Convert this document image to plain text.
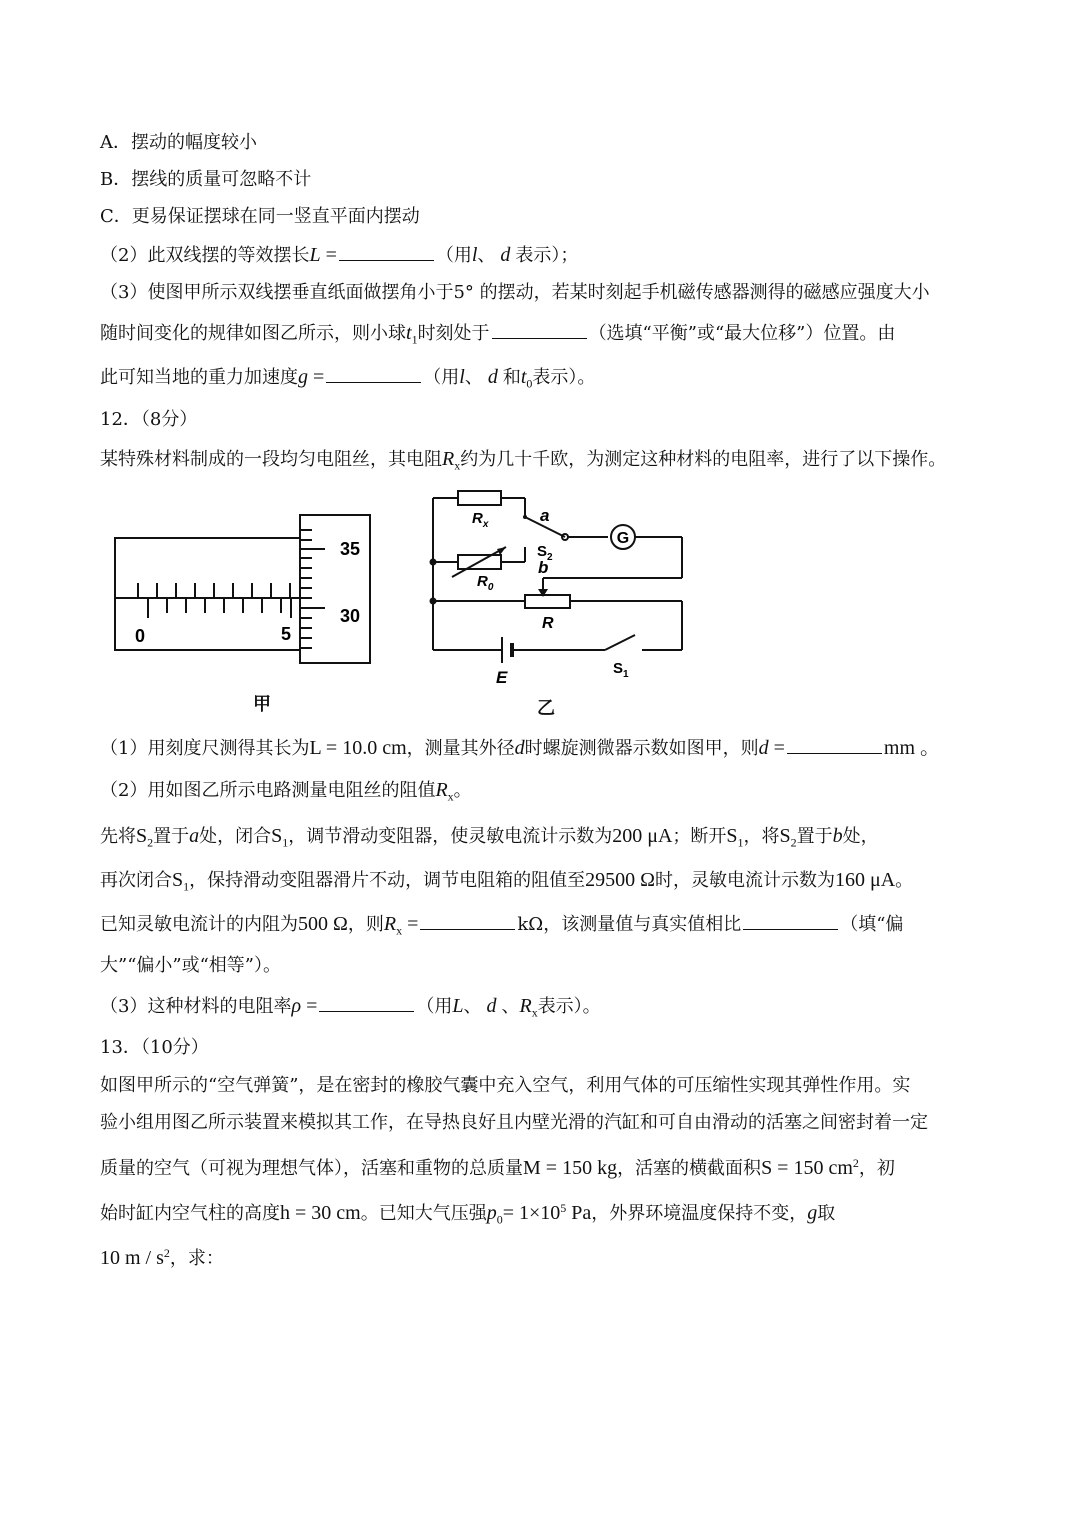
A．摆动的幅度较小
B．摆线的质量可忽略不计
C．更易保证摆球在同一竖直平面内摆动
（2）此双线摆的等效摆长L =	（用l、 d 表示）；
（3）使图甲所示双线摆垂直纸面做摆角小于5° 的摆动，若某时刻起手机磁传感器测得的磁感应强度大小
随时间变化的规律如图乙所示，则小球$t_1$时刻处于	（选填“平衡”或“最大位移”）位置。由
此可知当地的重力加速度g =	（用l、 d 和$t_0$表示）。
12．（8分）
某特殊材料制成的一段均匀电阻丝，其电阻$R_x$约为几十千欧，为测定这种材料的电阻率，进行了以下操作。
0	5
35
30
甲
$R_x$
$R_0$
R
a
b
$S_2$
$S_1$
G
E
乙
（1）用刻度尺测得其长为L = 10.0 cm，测量其外径d时螺旋测微器示数如图甲，则d =	mm 。
（2）用如图乙所示电路测量电阻丝的阻值$R_x$。
先将$S_2$置于a处，闭合$S_1$，调节滑动变阻器，使灵敏电流计示数为200 μA；断开$S_1$，将$S_2$置于b处，
再次闭合$S_1$，保持滑动变阻器滑片不动，调节电阻箱的阻值至29500 Ω时，灵敏电流计示数为160 μA。
已知灵敏电流计的内阻为500 Ω，则$R_x$ =	kΩ，该测量值与真实值相比	（填“偏
大”“偏小”或“相等”）。
（3）这种材料的电阻率ρ =	（用L、 d 、$R_x$表示）。
13．（10分）
如图甲所示的“空气弹簧”，是在密封的橡胶气囊中充入空气，利用气体的可压缩性实现其弹性作用。实
验小组用图乙所示装置来模拟其工作，在导热良好且内壁光滑的汽缸和可自由滑动的活塞之间密封着一定
质量的空气（可视为理想气体），活塞和重物的总质量M = 150 kg，活塞的横截面积S = 150 $cm^2$，初
始时缸内空气柱的高度h = 30 cm。已知大气压强$p_0= 1\times 10^5$ Pa，外界环境温度保持不变，g取
10 m / $s^2$，求：
